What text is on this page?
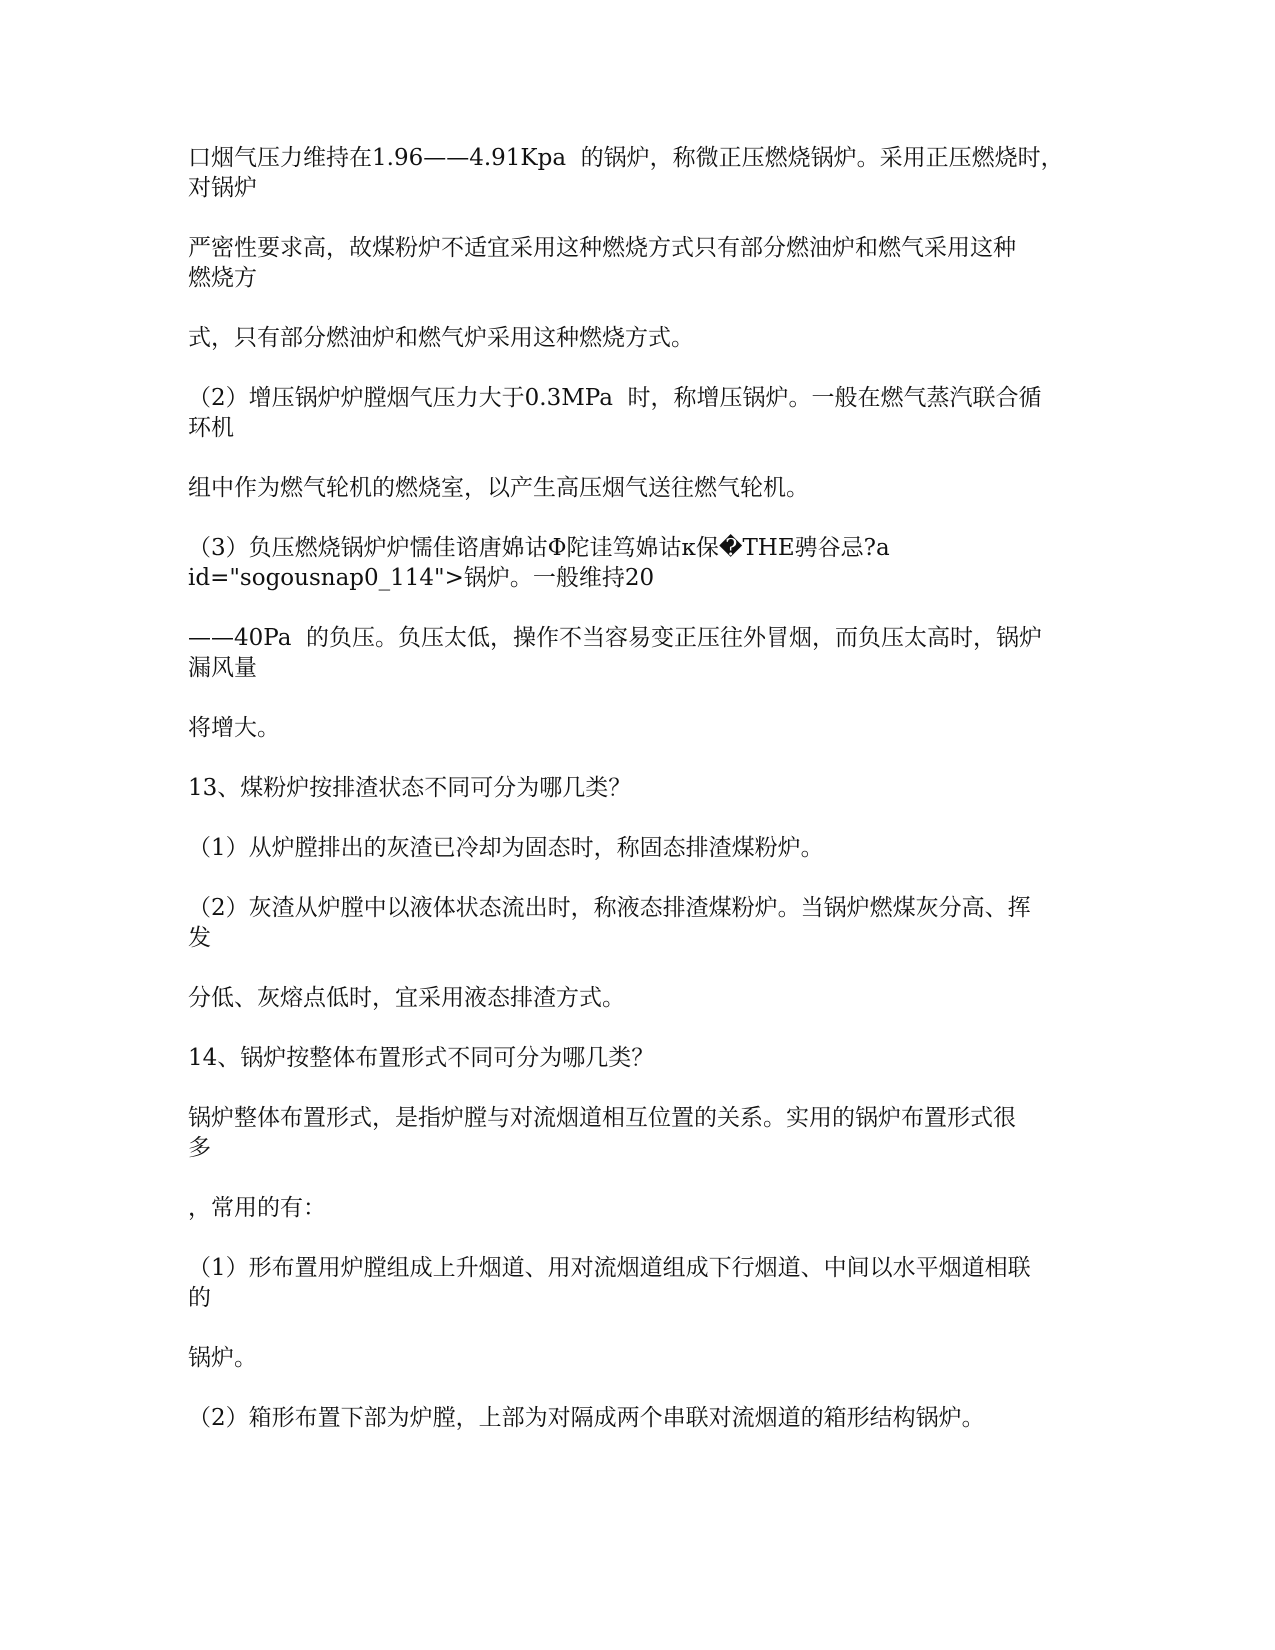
口烟气压力维持在1.96——4.91Kpa  的锅炉，称微正压燃烧锅炉。采用正压燃烧时，
对锅炉

严密性要求高，故煤粉炉不适宜采用这种燃烧方式只有部分燃油炉和燃气采用这种
燃烧方

式，只有部分燃油炉和燃气炉采用这种燃烧方式。

（2）增压锅炉炉膛烟气压力大于0.3MPa  时，称增压锅炉。一般在燃气蒸汽联合循
环机

组中作为燃气轮机的燃烧室，以产生高压烟气送往燃气轮机。

（3）负压燃烧锅炉炉懦佳谘唐婂诂Φ陀诖笃婂诂κ保�THE骋谷忌?a
id="sogousnap0_114">锅炉。一般维持20

——40Pa  的负压。负压太低，操作不当容易变正压往外冒烟，而负压太高时，锅炉
漏风量

将增大。

13、煤粉炉按排渣状态不同可分为哪几类？

（1）从炉膛排出的灰渣已冷却为固态时，称固态排渣煤粉炉。

（2）灰渣从炉膛中以液体状态流出时，称液态排渣煤粉炉。当锅炉燃煤灰分高、挥
发

分低、灰熔点低时，宜采用液态排渣方式。

14、锅炉按整体布置形式不同可分为哪几类？

锅炉整体布置形式，是指炉膛与对流烟道相互位置的关系。实用的锅炉布置形式很
多

，常用的有：

（1）形布置用炉膛组成上升烟道、用对流烟道组成下行烟道、中间以水平烟道相联
的

锅炉。

（2）箱形布置下部为炉膛，上部为对隔成两个串联对流烟道的箱形结构锅炉。
